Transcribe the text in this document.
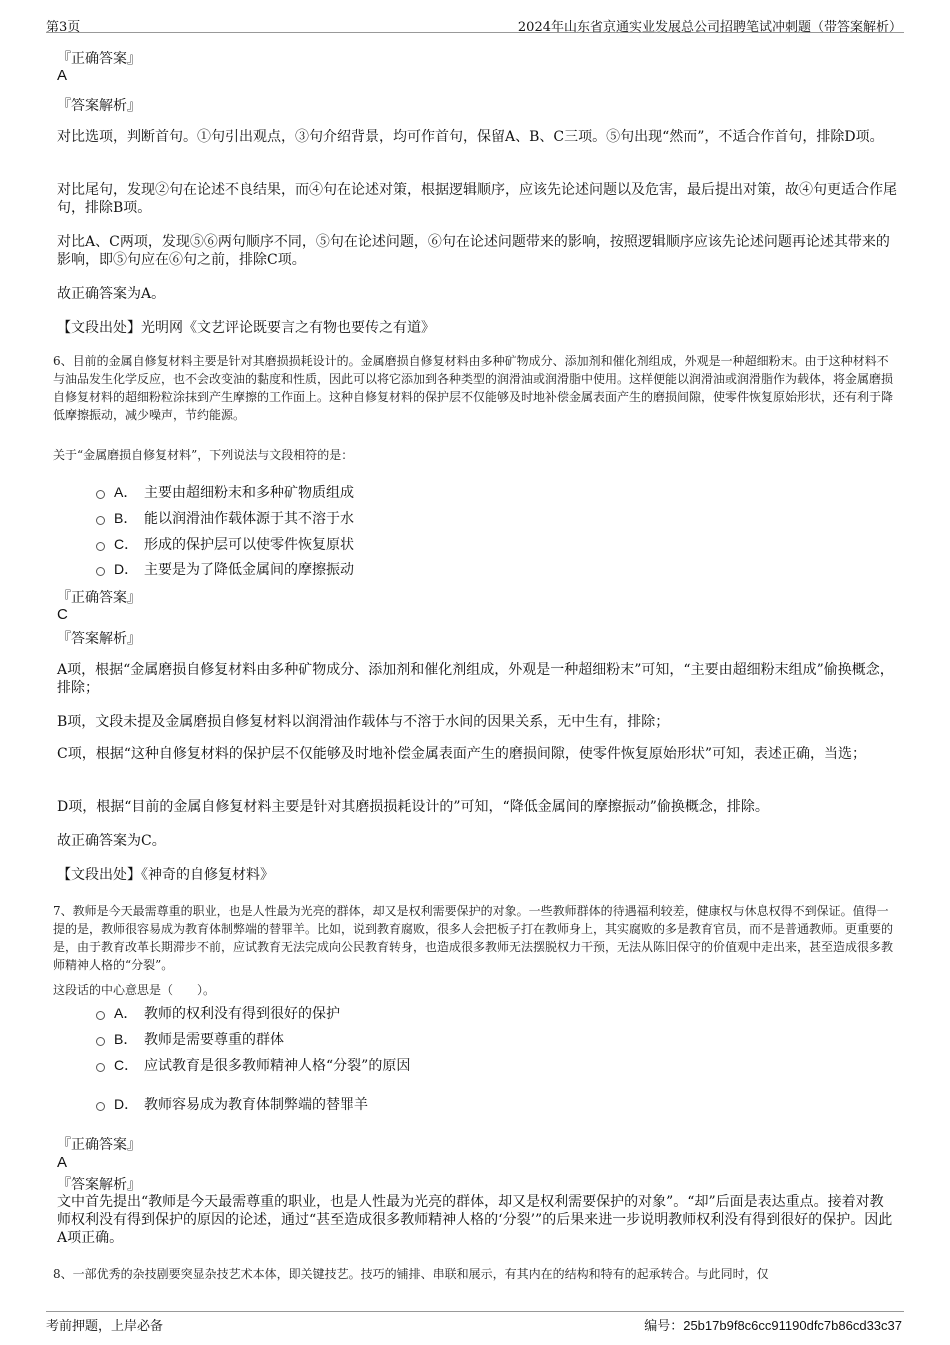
第3页	2024年山东省京通实业发展总公司招聘笔试冲刺题（带答案解析）
『正确答案』
A
『答案解析』
对比选项，判断首句。①句引出观点，③句介绍背景，均可作首句，保留A、B、C三项。⑤句出现“然而”，不适合作首句，排除D项。
对比尾句，发现②句在论述不良结果，而④句在论述对策，根据逻辑顺序，应该先论述问题以及危害，最后提出对策，故④句更适合作尾句，排除B项。
对比A、C两项，发现⑤⑥两句顺序不同，⑤句在论述问题，⑥句在论述问题带来的影响，按照逻辑顺序应该先论述问题再论述其带来的影响，即⑤句应在⑥句之前，排除C项。
故正确答案为A。
【文段出处】光明网《文艺评论既要言之有物也要传之有道》
6、目前的金属自修复材料主要是针对其磨损损耗设计的。金属磨损自修复材料由多种矿物成分、添加剂和催化剂组成，外观是一种超细粉末。由于这种材料不与油品发生化学反应，也不会改变油的黏度和性质，因此可以将它添加到各种类型的润滑油或润滑脂中使用。这样便能以润滑油或润滑脂作为载体，将金属磨损自修复材料的超细粉粒涂抹到产生摩擦的工作面上。这种自修复材料的保护层不仅能够及时地补偿金属表面产生的磨损间隙，使零件恢复原始形状，还有利于降低摩擦振动，减少噪声，节约能源。
关于“金属磨损自修复材料”，下列说法与文段相符的是：
A． 主要由超细粉末和多种矿物质组成
B． 能以润滑油作载体源于其不溶于水
C． 形成的保护层可以使零件恢复原状
D． 主要是为了降低金属间的摩擦振动
『正确答案』
C
『答案解析』
A项，根据“金属磨损自修复材料由多种矿物成分、添加剂和催化剂组成，外观是一种超细粉末”可知，“主要由超细粉末组成”偷换概念，排除；
B项，文段未提及金属磨损自修复材料以润滑油作载体与不溶于水间的因果关系，无中生有，排除；
C项，根据“这种自修复材料的保护层不仅能够及时地补偿金属表面产生的磨损间隙，使零件恢复原始形状”可知，表述正确，当选；
D项，根据“目前的金属自修复材料主要是针对其磨损损耗设计的”可知，“降低金属间的摩擦振动”偷换概念，排除。
故正确答案为C。
【文段出处】《神奇的自修复材料》
7、教师是今天最需尊重的职业，也是人性最为光亮的群体，却又是权利需要保护的对象。一些教师群体的待遇福利较差，健康权与休息权得不到保证。值得一提的是，教师很容易成为教育体制弊端的替罪羊。比如，说到教育腐败，很多人会把板子打在教师身上，其实腐败的多是教育官员，而不是普通教师。更重要的是，由于教育改革长期滞步不前，应试教育无法完成向公民教育转身，也造成很多教师无法摆脱权力干预，无法从陈旧保守的价值观中走出来，甚至造成很多教师精神人格的“分裂”。
这段话的中心意思是（　　）。
A． 教师的权利没有得到很好的保护
B． 教师是需要尊重的群体
C． 应试教育是很多教师精神人格“分裂”的原因
D． 教师容易成为教育体制弊端的替罪羊
『正确答案』
A
『答案解析』
文中首先提出“教师是今天最需尊重的职业，也是人性最为光亮的群体，却又是权利需要保护的对象”。“却”后面是表达重点。接着对教师权利没有得到保护的原因的论述，通过“甚至造成很多教师精神人格的‘分裂’”的后果来进一步说明教师权利没有得到很好的保护。因此A项正确。
8、一部优秀的杂技剧要突显杂技艺术本体，即关键技艺。技巧的铺排、串联和展示，有其内在的结构和特有的起承转合。与此同时，仅
考前押题，上岸必备	编号：25b17b9f8c6cc91190dfc7b86cd33c37
